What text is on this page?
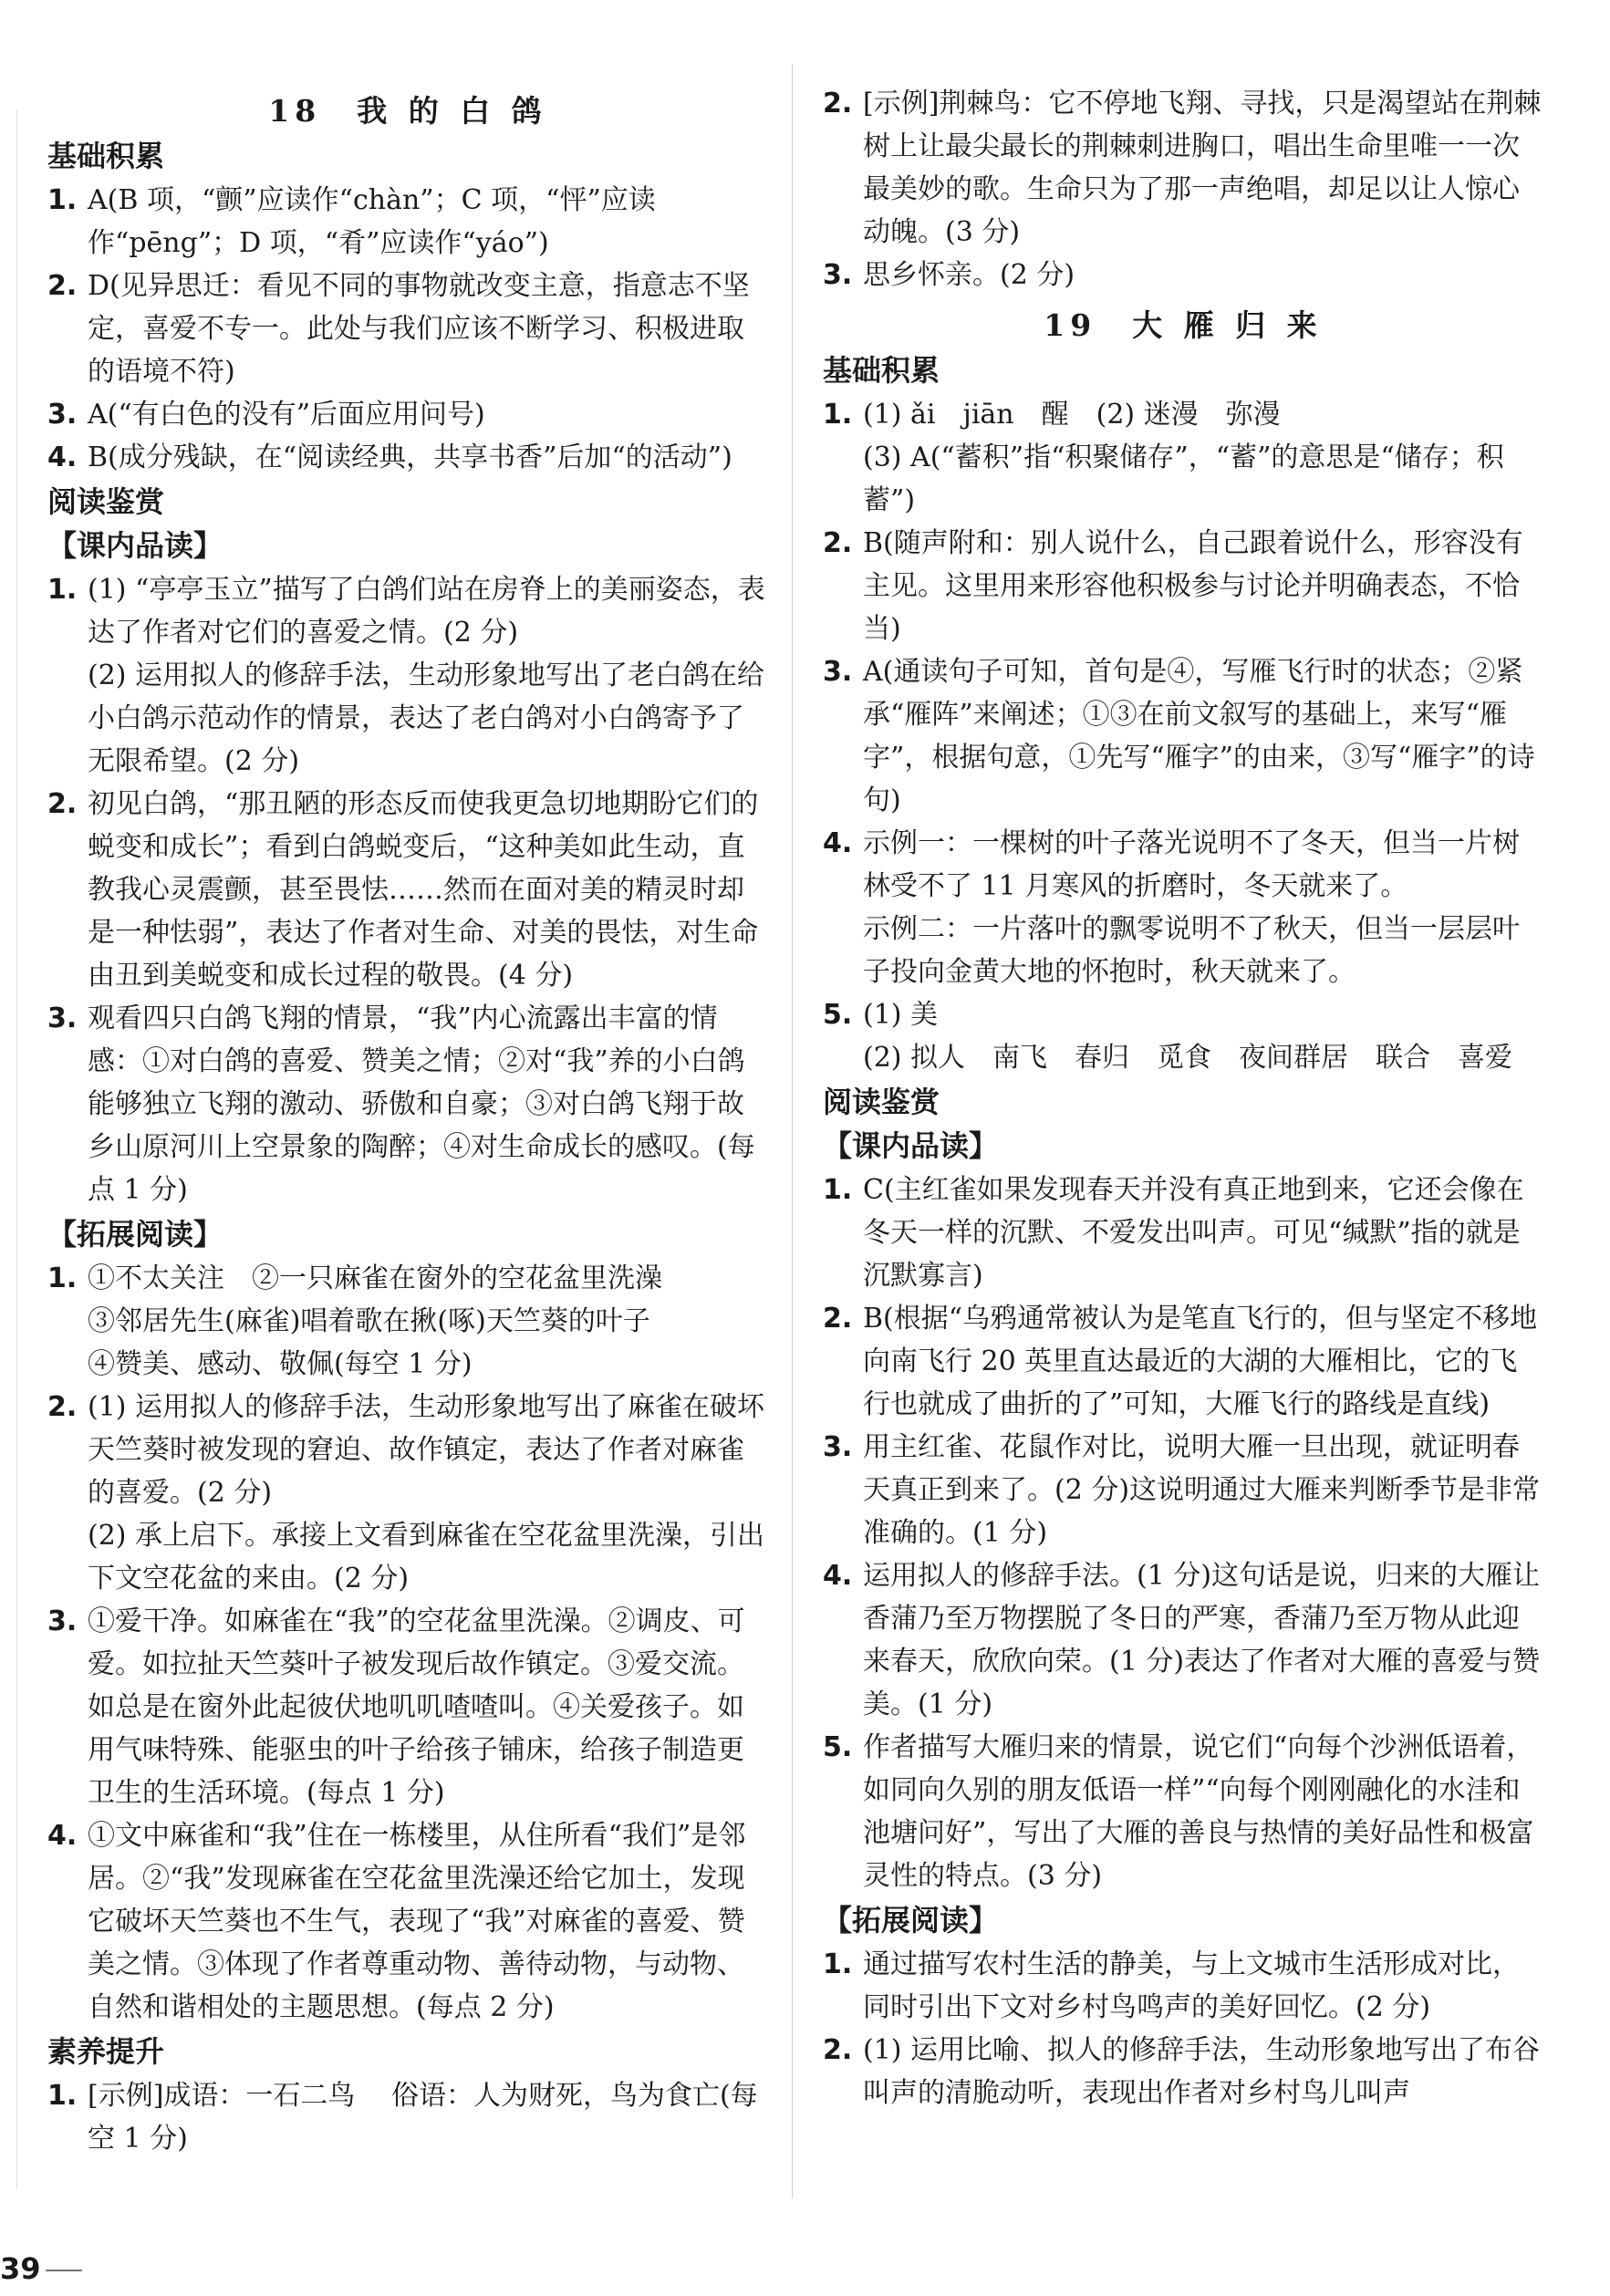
18　我 的 白 鸽
基础积累
1. A(B 项，“颤”应读作“chàn”；C 项，“怦”应读作“pēng”；D 项，“肴”应读作“yáo”)

2. D(见异思迁：看见不同的事物就改变主意，指意志不坚定，喜爱不专一。此处与我们应该不断学习、积极进取的语境不符)

3. A(“有白色的没有”后面应用问号)

4. B(成分残缺，在“阅读经典，共享书香”后加“的活动”)

阅读鉴赏
【课内品读】
1. (1) “亭亭玉立”描写了白鸽们站在房脊上的美丽姿态，表达了作者对它们的喜爱之情。(2 分)

(2) 运用拟人的修辞手法，生动形象地写出了老白鸽在给小白鸽示范动作的情景，表达了老白鸽对小白鸽寄予了无限希望。(2 分)

2. 初见白鸽，“那丑陋的形态反而使我更急切地期盼它们的蜕变和成长”；看到白鸽蜕变后，“这种美如此生动，直教我心灵震颤，甚至畏怯……然而在面对美的精灵时却是一种怯弱”，表达了作者对生命、对美的畏怯，对生命由丑到美蜕变和成长过程的敬畏。(4 分)

3. 观看四只白鸽飞翔的情景，“我”内心流露出丰富的情感：①对白鸽的喜爱、赞美之情；②对“我”养的小白鸽能够独立飞翔的激动、骄傲和自豪；③对白鸽飞翔于故乡山原河川上空景象的陶醉；④对生命成长的感叹。(每点 1 分)

【拓展阅读】
1. ①不太关注　②一只麻雀在窗外的空花盆里洗澡

③邻居先生(麻雀)唱着歌在揪(啄)天竺葵的叶子

④赞美、感动、敬佩(每空 1 分)

2. (1) 运用拟人的修辞手法，生动形象地写出了麻雀在破坏天竺葵时被发现的窘迫、故作镇定，表达了作者对麻雀的喜爱。(2 分)

(2) 承上启下。承接上文看到麻雀在空花盆里洗澡，引出下文空花盆的来由。(2 分)

3. ①爱干净。如麻雀在“我”的空花盆里洗澡。②调皮、可爱。如拉扯天竺葵叶子被发现后故作镇定。③爱交流。如总是在窗外此起彼伏地叽叽喳喳叫。④关爱孩子。如用气味特殊、能驱虫的叶子给孩子铺床，给孩子制造更卫生的生活环境。(每点 1 分)

4. ①文中麻雀和“我”住在一栋楼里，从住所看“我们”是邻居。②“我”发现麻雀在空花盆里洗澡还给它加土，发现它破坏天竺葵也不生气，表现了“我”对麻雀的喜爱、赞美之情。③体现了作者尊重动物、善待动物，与动物、自然和谐相处的主题思想。(每点 2 分)

素养提升
1. [示例]成语：一石二鸟　 俗语：人为财死，鸟为食亡(每空 1 分)

2. [示例]荆棘鸟：它不停地飞翔、寻找，只是渴望站在荆棘树上让最尖最长的荆棘刺进胸口，唱出生命里唯一一次最美妙的歌。生命只为了那一声绝唱，却足以让人惊心动魄。(3 分)

3. 思乡怀亲。(2 分)

19　大 雁 归 来
基础积累
1. (1) ǎi　jiān　醒　(2) 迷漫　弥漫

(3) A(“蓄积”指“积聚储存”，“蓄”的意思是“储存；积蓄”)

2. B(随声附和：别人说什么，自己跟着说什么，形容没有主见。这里用来形容他积极参与讨论并明确表态，不恰当)

3. A(通读句子可知，首句是④，写雁飞行时的状态；②紧承“雁阵”来阐述；①③在前文叙写的基础上，来写“雁字”，根据句意，①先写“雁字”的由来，③写“雁字”的诗句)

4. 示例一：一棵树的叶子落光说明不了冬天，但当一片树林受不了 11 月寒风的折磨时，冬天就来了。

示例二：一片落叶的飘零说明不了秋天，但当一层层叶子投向金黄大地的怀抱时，秋天就来了。

5. (1) 美

(2) 拟人　南飞　春归　觅食　夜间群居　联合　喜爱

阅读鉴赏
【课内品读】
1. C(主红雀如果发现春天并没有真正地到来，它还会像在冬天一样的沉默、不爱发出叫声。可见“缄默”指的就是沉默寡言)

2. B(根据“乌鸦通常被认为是笔直飞行的，但与坚定不移地向南飞行 20 英里直达最近的大湖的大雁相比，它的飞行也就成了曲折的了”可知，大雁飞行的路线是直线)

3. 用主红雀、花鼠作对比，说明大雁一旦出现，就证明春天真正到来了。(2 分)这说明通过大雁来判断季节是非常准确的。(1 分)

4. 运用拟人的修辞手法。(1 分)这句话是说，归来的大雁让香蒲乃至万物摆脱了冬日的严寒，香蒲乃至万物从此迎来春天，欣欣向荣。(1 分)表达了作者对大雁的喜爱与赞美。(1 分)

5. 作者描写大雁归来的情景，说它们“向每个沙洲低语着，如同向久别的朋友低语一样”“向每个刚刚融化的水洼和池塘问好”，写出了大雁的善良与热情的美好品性和极富灵性的特点。(3 分)

【拓展阅读】
1. 通过描写农村生活的静美，与上文城市生活形成对比，同时引出下文对乡村鸟鸣声的美好回忆。(2 分)

2. (1) 运用比喻、拟人的修辞手法，生动形象地写出了布谷叫声的清脆动听，表现出作者对乡村鸟儿叫声

39
